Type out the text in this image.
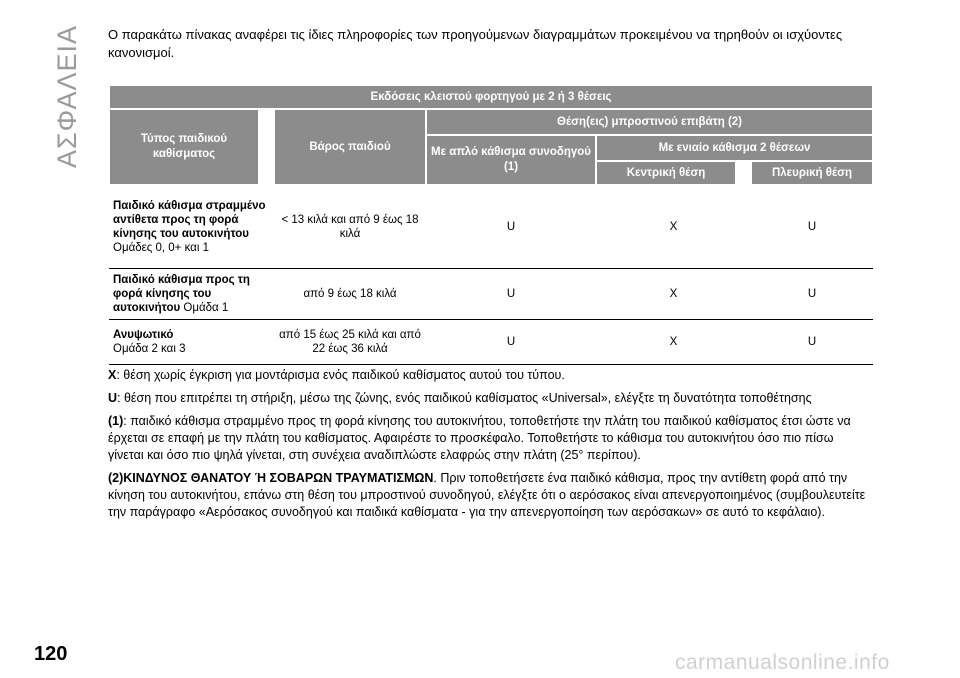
ΑΣΦΑΛΕΙΑ Ο παρακάτω πίνακας αναφέρει τις ίδιες πληροφορίες των προηγούμενων διαγραμμάτων προκειμένου να τηρηθούν οι ισχύοντες κανονισμοί.

Εκδόσεις κλειστού φορτηγού με 2 ή 3 θέσεις						
Τύπος παιδικού καθίσματος		Βάρος παιδιού	Θέση(εις) μπροστινού επιβάτη (2)			
			Με απλό κάθισμα συνοδηγού (1)	Με ενιαίο κάθισμα 2 θέσεων		
				Κεντρική θέση		Πλευρική θέση
Παιδικό κάθισμα στραμμένο αντίθετα προς τη φορά κίνησης του αυτοκινήτου
Ομάδες 0, 0+ και 1		< 13 κιλά και από 9 έως 18 κιλά	U	X		U
Παιδικό κάθισμα προς τη φορά κίνησης του αυτοκινήτου Ομάδα 1		από 9 έως 18 κιλά	U	X		U
Ανυψωτικό
Ομάδα 2 και 3		από 15 έως 25 κιλά και από 22 έως 36 κιλά	U	X		U

X: θέση χωρίς έγκριση για μοντάρισμα ενός παιδικού καθίσματος αυτού του τύπου.

U: θέση που επιτρέπει τη στήριξη, μέσω της ζώνης, ενός παιδικού καθίσματος «Universal», ελέγξτε τη δυνατότητα τοποθέτησης

(1): παιδικό κάθισμα στραμμένο προς τη φορά κίνησης του αυτοκινήτου, τοποθετήστε την πλάτη του παιδικού καθίσματος έτσι ώστε να έρχεται σε επαφή με την πλάτη του καθίσματος. Αφαιρέστε το προσκέφαλο. Τοποθετήστε το κάθισμα του αυτοκινήτου όσο πιο πίσω γίνεται και όσο πιο ψηλά γίνεται, στη συνέχεια αναδιπλώστε ελαφρώς στην πλάτη (25° περίπου).

(2)ΚΙΝΔΥΝΟΣ ΘΑΝΑΤΟΥ Ή ΣΟΒΑΡΩΝ ΤΡΑΥΜΑΤΙΣΜΩΝ. Πριν τοποθετήσετε ένα παιδικό κάθισμα, προς την αντίθετη φορά από την κίνηση του αυτοκινήτου, επάνω στη θέση του μπροστινού συνοδηγού, ελέγξτε ότι ο αερόσακος είναι απενεργοποιημένος (συμβουλευτείτε την παράγραφο «Αερόσακος συνοδηγού και παιδικά καθίσματα - για την απενεργοποίηση των αερόσακων» σε αυτό το κεφάλαιο).

120	carmanualsonline.info
